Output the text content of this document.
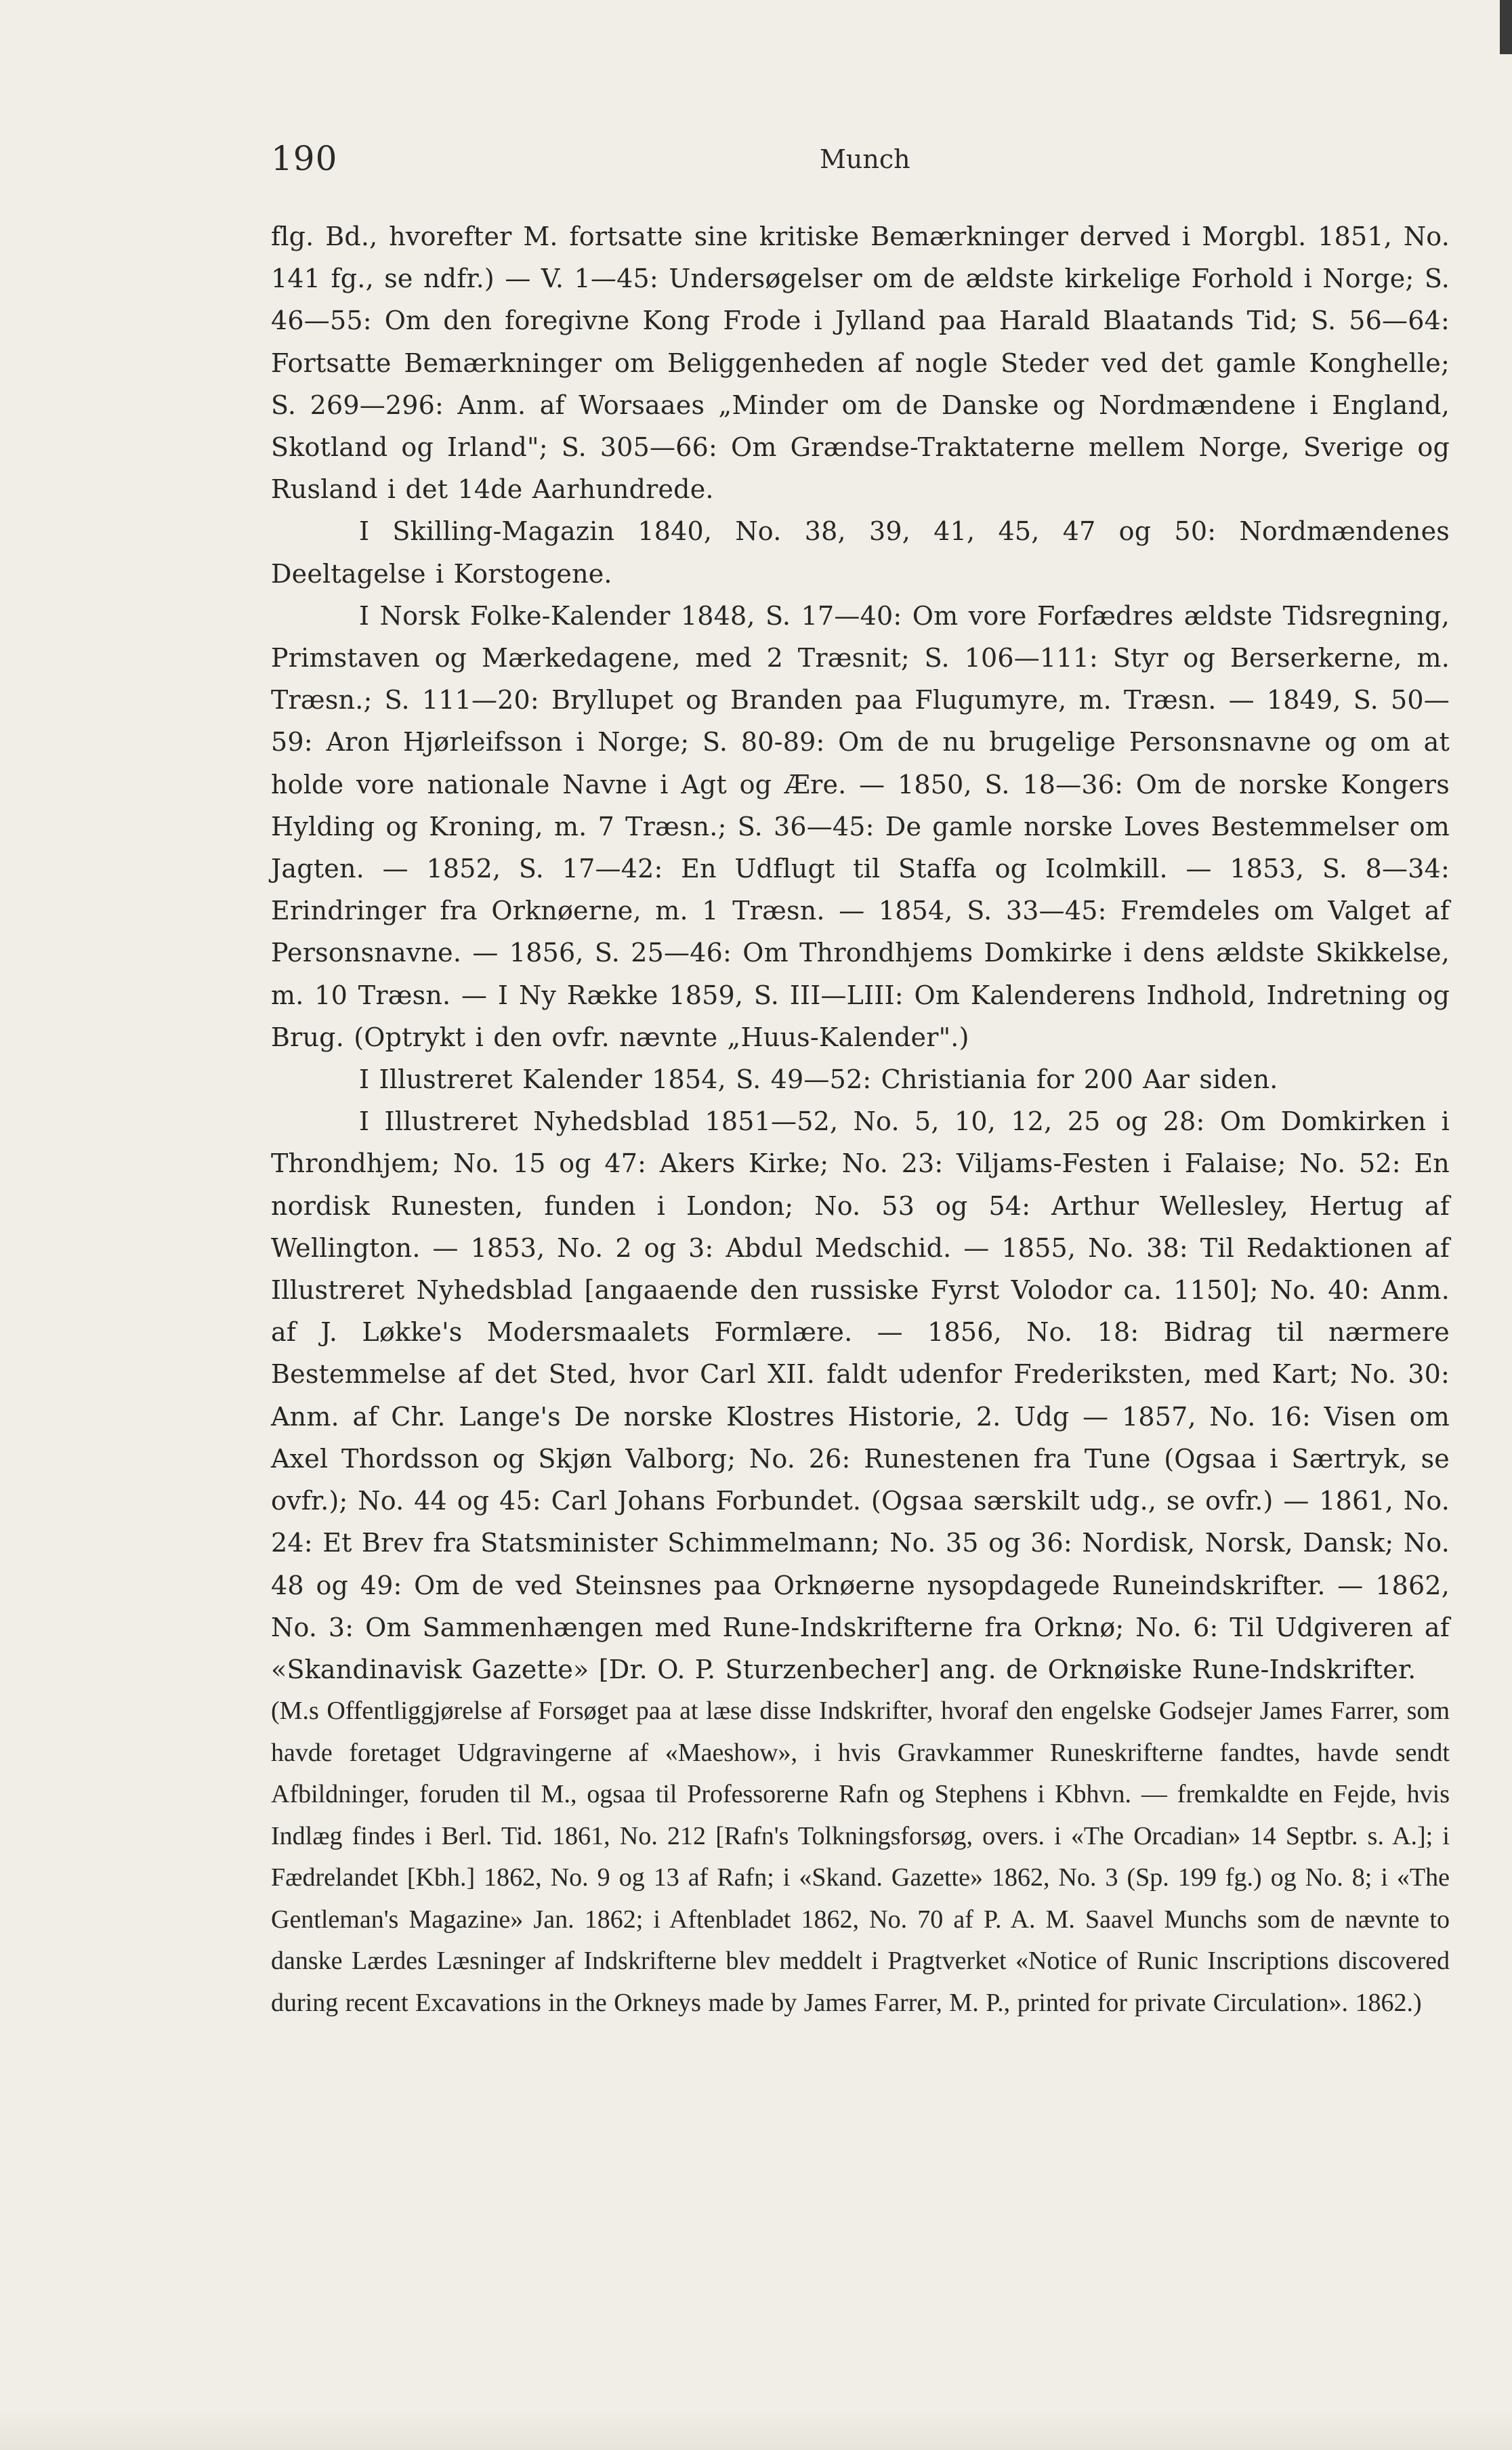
190	Munch

flg. Bd., hvorefter M. fortsatte sine kritiske Bemærkninger derved i Morgbl. 1851, No. 141 fg., se ndfr.) — V. 1—45: Undersøgelser om de ældste kirkelige Forhold i Norge; S. 46—55: Om den foregivne Kong Frode i Jylland paa Harald Blaatands Tid; S. 56—64: Fortsatte Bemærkninger om Beliggenheden af nogle Steder ved det gamle Konghelle; S. 269—296: Anm. af Worsaaes „Minder om de Danske og Nordmændene i England, Skotland og Irland"; S. 305—66: Om Grændse-Traktaterne mellem Norge, Sverige og Rusland i det 14de Aarhundrede.

I Skilling-Magazin 1840, No. 38, 39, 41, 45, 47 og 50: Nordmændenes Deeltagelse i Korstogene.

I Norsk Folke-Kalender 1848, S. 17—40: Om vore Forfædres ældste Tidsregning, Primstaven og Mærkedagene, med 2 Træsnit; S. 106—111: Styr og Berserkerne, m. Træsn.; S. 111—20: Bryllupet og Branden paa Flugumyre, m. Træsn. — 1849, S. 50—59: Aron Hjørleifsson i Norge; S. 80-89: Om de nu brugelige Personsnavne og om at holde vore nationale Navne i Agt og Ære. — 1850, S. 18—36: Om de norske Kongers Hylding og Kroning, m. 7 Træsn.; S. 36—45: De gamle norske Loves Bestemmelser om Jagten. — 1852, S. 17—42: En Udflugt til Staffa og Icolmkill. — 1853, S. 8—34: Erindringer fra Orknøerne, m. 1 Træsn. — 1854, S. 33—45: Fremdeles om Valget af Personsnavne. — 1856, S. 25—46: Om Throndhjems Domkirke i dens ældste Skikkelse, m. 10 Træsn. — I Ny Række 1859, S. III—LIII: Om Kalenderens Indhold, Indretning og Brug. (Optrykt i den ovfr. nævnte „Huus-Kalender".)

I Illustreret Kalender 1854, S. 49—52: Christiania for 200 Aar siden.

I Illustreret Nyhedsblad 1851—52, No. 5, 10, 12, 25 og 28: Om Domkirken i Throndhjem; No. 15 og 47: Akers Kirke; No. 23: Viljams-Festen i Falaise; No. 52: En nordisk Runesten, funden i London; No. 53 og 54: Arthur Wellesley, Hertug af Wellington. — 1853, No. 2 og 3: Abdul Medschid. — 1855, No. 38: Til Redaktionen af Illustreret Nyhedsblad [angaaende den russiske Fyrst Volodor ca. 1150]; No. 40: Anm. af J. Løkke's Modersmaalets Formlære. — 1856, No. 18: Bidrag til nærmere Bestemmelse af det Sted, hvor Carl XII. faldt udenfor Frederiksten, med Kart; No. 30: Anm. af Chr. Lange's De norske Klostres Historie, 2. Udg — 1857, No. 16: Visen om Axel Thordsson og Skjøn Valborg; No. 26: Runestenen fra Tune (Ogsaa i Særtryk, se ovfr.); No. 44 og 45: Carl Johans Forbundet. (Ogsaa særskilt udg., se ovfr.) — 1861, No. 24: Et Brev fra Statsminister Schimmelmann; No. 35 og 36: Nordisk, Norsk, Dansk; No. 48 og 49: Om de ved Steinsnes paa Orknøerne nysopdagede Runeindskrifter. — 1862, No. 3: Om Sammenhængen med Rune-Indskrifterne fra Orknø; No. 6: Til Udgiveren af «Skandinavisk Gazette» [Dr. O. P. Sturzenbecher] ang. de Orknøiske Rune-Indskrifter.

(M.s Offentliggjørelse af Forsøget paa at læse disse Indskrifter, hvoraf den engelske Godsejer James Farrer, som havde foretaget Udgravingerne af «Maeshow», i hvis Gravkammer Runeskrifterne fandtes, havde sendt Afbildninger, foruden til M., ogsaa til Professorerne Rafn og Stephens i Kbhvn. — fremkaldte en Fejde, hvis Indlæg findes i Berl. Tid. 1861, No. 212 [Rafn's Tolkningsforsøg, overs. i «The Orcadian» 14 Septbr. s. A.]; i Fædrelandet [Kbh.] 1862, No. 9 og 13 af Rafn; i «Skand. Gazette» 1862, No. 3 (Sp. 199 fg.) og No. 8; i «The Gentleman's Magazine» Jan. 1862; i Aftenbladet 1862, No. 70 af P. A. M. Saavel Munchs som de nævnte to danske Lærdes Læsninger af Indskrifterne blev meddelt i Pragtverket «Notice of Runic Inscriptions discovered during recent Excavations in the Orkneys made by James Farrer, M. P., printed for private Circulation». 1862.)
